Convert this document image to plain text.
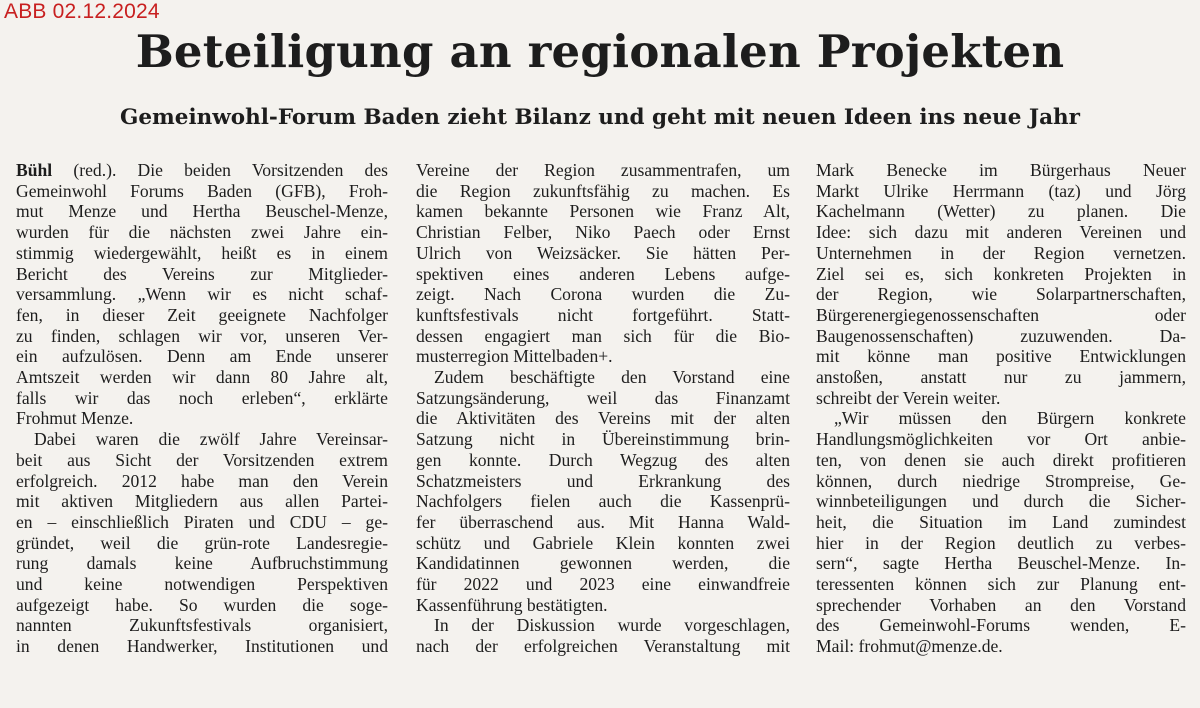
ABB 02.12.2024
Beteiligung an regionalen Projekten
Gemeinwohl-Forum Baden zieht Bilanz und geht mit neuen Ideen ins neue Jahr
Bühl (red.). Die beiden Vorsitzenden des
Gemeinwohl Forums Baden (GFB), Froh-
mut Menze und Hertha Beuschel-Menze,
wurden für die nächsten zwei Jahre ein-
stimmig wiedergewählt, heißt es in einem
Bericht des Vereins zur Mitglieder-
versammlung. „Wenn wir es nicht schaf-
fen, in dieser Zeit geeignete Nachfolger
zu finden, schlagen wir vor, unseren Ver-
ein aufzulösen. Denn am Ende unserer
Amtszeit werden wir dann 80 Jahre alt,
falls wir das noch erleben“, erklärte
Frohmut Menze.
Dabei waren die zwölf Jahre Vereinsar-
beit aus Sicht der Vorsitzenden extrem
erfolgreich. 2012 habe man den Verein
mit aktiven Mitgliedern aus allen Partei-
en – einschließlich Piraten und CDU – ge-
gründet, weil die grün-rote Landesregie-
rung damals keine Aufbruchstimmung
und keine notwendigen Perspektiven
aufgezeigt habe. So wurden die soge-
nannten Zukunftsfestivals organisiert,
in denen Handwerker, Institutionen und
Vereine der Region zusammentrafen, um
die Region zukunftsfähig zu machen. Es
kamen bekannte Personen wie Franz Alt,
Christian Felber, Niko Paech oder Ernst
Ulrich von Weizsäcker. Sie hätten Per-
spektiven eines anderen Lebens aufge-
zeigt. Nach Corona wurden die Zu-
kunftsfestivals nicht fortgeführt. Statt-
dessen engagiert man sich für die Bio-
musterregion Mittelbaden+.
Zudem beschäftigte den Vorstand eine
Satzungsänderung, weil das Finanzamt
die Aktivitäten des Vereins mit der alten
Satzung nicht in Übereinstimmung brin-
gen konnte. Durch Wegzug des alten
Schatzmeisters und Erkrankung des
Nachfolgers fielen auch die Kassenprü-
fer überraschend aus. Mit Hanna Wald-
schütz und Gabriele Klein konnten zwei
Kandidatinnen gewonnen werden, die
für 2022 und 2023 eine einwandfreie
Kassenführung bestätigten.
In der Diskussion wurde vorgeschlagen,
nach der erfolgreichen Veranstaltung mit
Mark Benecke im Bürgerhaus Neuer
Markt Ulrike Herrmann (taz) und Jörg
Kachelmann (Wetter) zu planen. Die
Idee: sich dazu mit anderen Vereinen und
Unternehmen in der Region vernetzen.
Ziel sei es, sich konkreten Projekten in
der Region, wie Solarpartnerschaften,
Bürgerenergiegenossenschaften oder
Baugenossenschaften) zuzuwenden. Da-
mit könne man positive Entwicklungen
anstoßen, anstatt nur zu jammern,
schreibt der Verein weiter.
„Wir müssen den Bürgern konkrete
Handlungsmöglichkeiten vor Ort anbie-
ten, von denen sie auch direkt profitieren
können, durch niedrige Strompreise, Ge-
winnbeteiligungen und durch die Sicher-
heit, die Situation im Land zumindest
hier in der Region deutlich zu verbes-
sern“, sagte Hertha Beuschel-Menze. In-
teressenten können sich zur Planung ent-
sprechender Vorhaben an den Vorstand
des Gemeinwohl-Forums wenden, E-
Mail: frohmut@menze.de.
